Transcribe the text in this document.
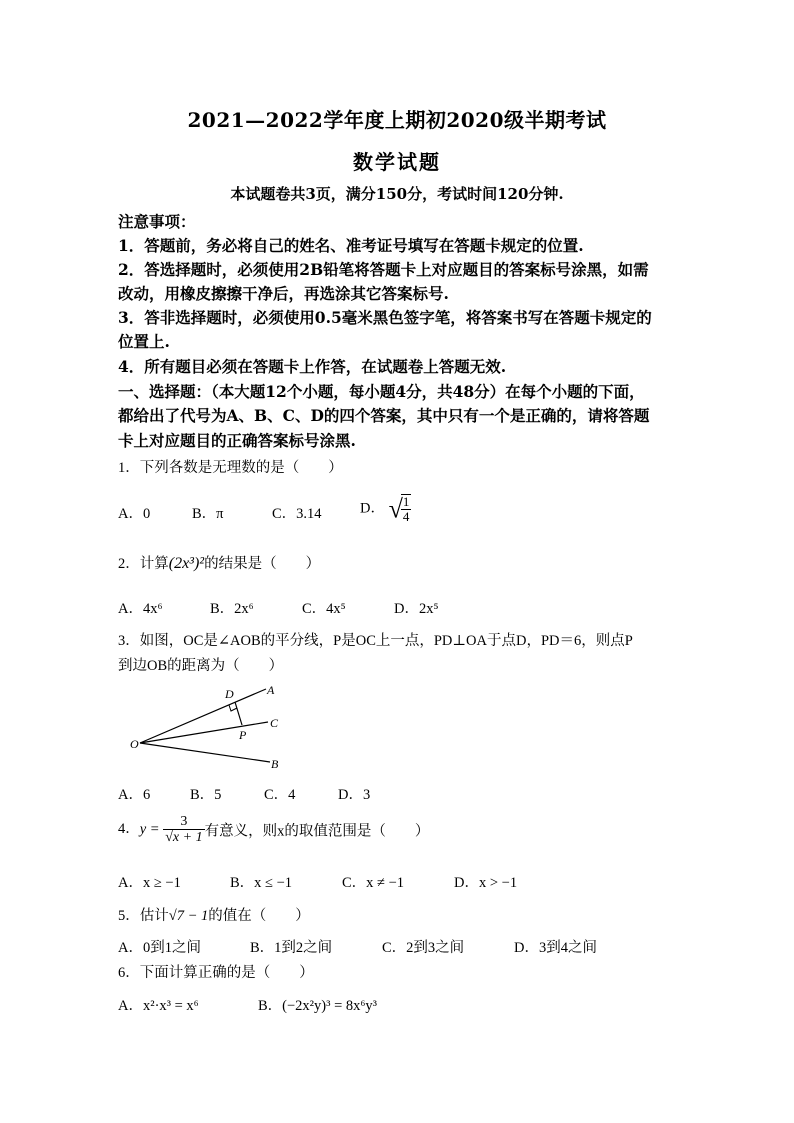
2021—2022学年度上期初2020级半期考试
数学试题
本试题卷共3页，满分150分，考试时间120分钟.
注意事项：
1．答题前，务必将自己的姓名、准考证号填写在答题卡规定的位置.
2．答选择题时，必须使用2B铅笔将答题卡上对应题目的答案标号涂黑，如需
改动，用橡皮擦擦干净后，再选涂其它答案标号.
3．答非选择题时，必须使用0.5毫米黑色签字笔，将答案书写在答题卡规定的
位置上.
4．所有题目必须在答题卡上作答，在试题卷上答题无效.
一、选择题：（本大题12个小题，每小题4分，共48分）在每个小题的下面，
都给出了代号为A、B、C、D的四个答案，其中只有一个是正确的，请将答题
卡上对应题目的正确答案标号涂黑.
1．下列各数是无理数的是（　　）
A．0	B．π	C．3.14	D． √
$\frac{1}{4}$
2．计算(2x³)²的结果是（　　）
A．4x⁶	B．2x⁶	C．4x⁵	D．2x⁵
3．如图，OC是∠AOB的平分线，P是OC上一点，PD⊥OA于点D，PD＝6，则点P
到边OB的距离为（　　）
D	A
C
P
O
B
A．6	B．5	C．4	D．3
4．$y = \frac{3}{√x + 1}$ 有意义，则x的取值范围是（　　）
A．x ≥ −1	B．x ≤ −1	C．x ≠ −1	D．x > −1
5．估计√7 − 1的值在（　　）
A．0到1之间	B．1到2之间	C．2到3之间	D．3到4之间
6．下面计算正确的是（　　）
A．x²·x³ = x⁶	B．(−2x²y)³ = 8x⁶y³
